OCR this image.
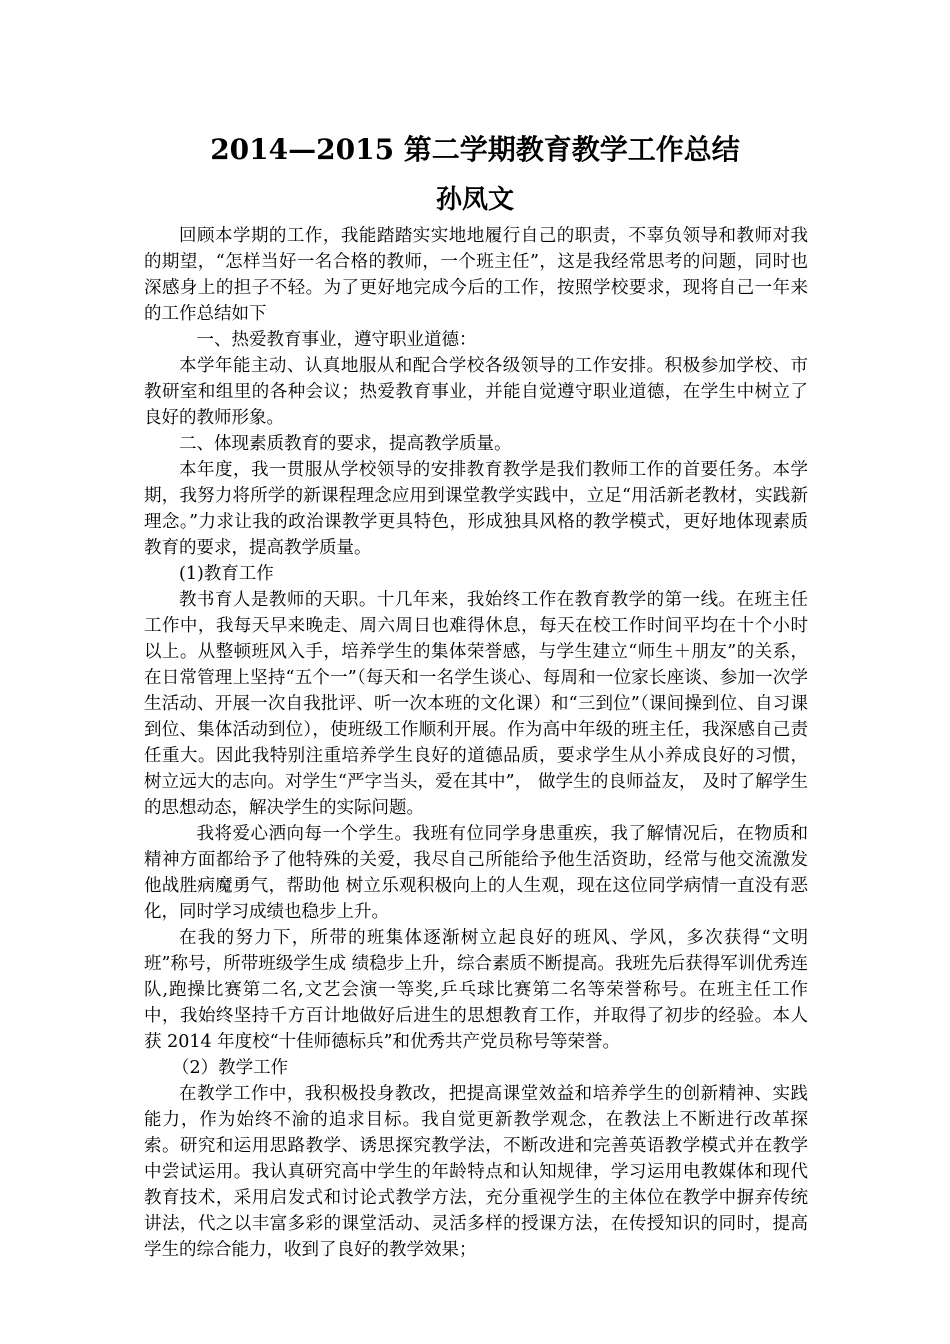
2014—2015 第二学期教育教学工作总结
孙凤文

回顾本学期的工作，我能踏踏实实地地履行自己的职责，不辜负领导和教师对我的期望，“怎样当好一名合格的教师，一个班主任”，这是我经常思考的问题，同时也深感身上的担子不轻。为了更好地完成今后的工作，按照学校要求，现将自己一年来的工作总结如下

一、热爱教育事业，遵守职业道德：

本学年能主动、认真地服从和配合学校各级领导的工作安排。积极参加学校、市教研室和组里的各种会议；热爱教育事业，并能自觉遵守职业道德，在学生中树立了良好的教师形象。

二、体现素质教育的要求，提高教学质量。

本年度，我一贯服从学校领导的安排教育教学是我们教师工作的首要任务。本学期，我努力将所学的新课程理念应用到课堂教学实践中，立足“用活新老教材，实践新理念。”力求让我的政治课教学更具特色，形成独具风格的教学模式，更好地体现素质教育的要求，提高教学质量。

(1)教育工作

教书育人是教师的天职。十几年来，我始终工作在教育教学的第一线。在班主任工作中，我每天早来晚走、周六周日也难得休息，每天在校工作时间平均在十个小时以上。从整顿班风入手，培养学生的集体荣誉感，与学生建立“师生＋朋友”的关系，在日常管理上坚持“五个一”（每天和一名学生谈心、每周和一位家长座谈、参加一次学生活动、开展一次自我批评、听一次本班的文化课）和“三到位”（课间操到位、自习课到位、集体活动到位），使班级工作顺利开展。作为高中年级的班主任，我深感自己责任重大。因此我特别注重培养学生良好的道德品质，要求学生从小养成良好的习惯，树立远大的志向。对学生“严字当头，爱在其中”， 做学生的良师益友， 及时了解学生的思想动态，解决学生的实际问题。

我将爱心洒向每一个学生。我班有位同学身患重疾，我了解情况后，在物质和精神方面都给予了他特殊的关爱，我尽自己所能给予他生活资助，经常与他交流激发他战胜病魔勇气，帮助他 树立乐观积极向上的人生观，现在这位同学病情一直没有恶化，同时学习成绩也稳步上升。

在我的努力下，所带的班集体逐渐树立起良好的班风、学风，多次获得“文明班”称号，所带班级学生成 绩稳步上升，综合素质不断提高。我班先后获得军训优秀连队,跑操比赛第二名,文艺会演一等奖,乒乓球比赛第二名等荣誉称号。在班主任工作中，我始终坚持千方百计地做好后进生的思想教育工作，并取得了初步的经验。本人获 2014 年度校“十佳师德标兵”和优秀共产党员称号等荣誉。

（2）教学工作

在教学工作中，我积极投身教改，把提高课堂效益和培养学生的创新精神、实践能力，作为始终不渝的追求目标。我自觉更新教学观念，在教法上不断进行改革探索。研究和运用思路教学、诱思探究教学法，不断改进和完善英语教学模式并在教学中尝试运用。我认真研究高中学生的年龄特点和认知规律，学习运用电教媒体和现代教育技术，采用启发式和讨论式教学方法，充分重视学生的主体位在教学中摒弃传统讲法，代之以丰富多彩的课堂活动、灵活多样的授课方法，在传授知识的同时，提高学生的综合能力，收到了良好的教学效果；
